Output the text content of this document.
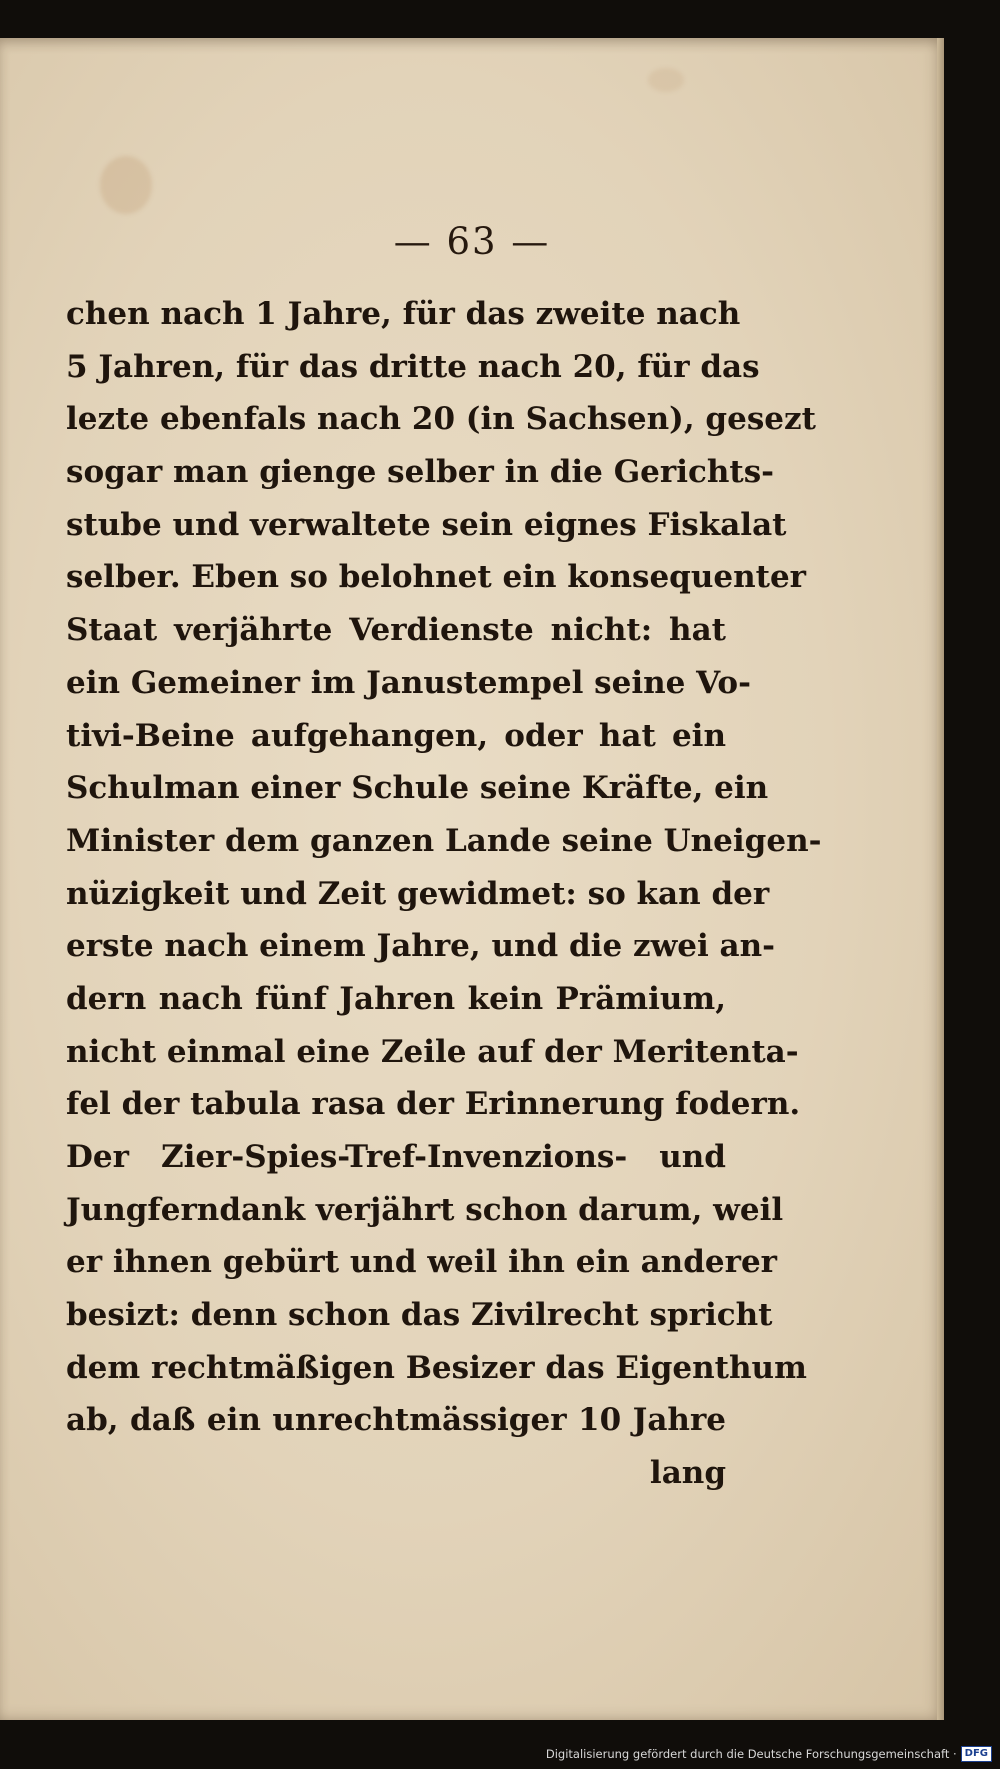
— 63 —
chen nach 1 Jahre, für das zweite nach
5 Jahren, für das dritte nach 20, für das
lezte ebenfals nach 20 (in Sachsen), gesezt
sogar man gienge selber in die Gerichts-
stube und verwaltete sein eignes Fiskalat
selber. Eben so belohnet ein konsequenter
Staat verjährte Verdienste nicht: hat
ein Gemeiner im Janustempel seine Vo-
tivi-Beine aufgehangen, oder hat ein
Schulman einer Schule seine Kräfte, ein
Minister dem ganzen Lande seine Uneigen-
nüzigkeit und Zeit gewidmet: so kan der
erste nach einem Jahre, und die zwei an-
dern nach fünf Jahren kein Prämium,
nicht einmal eine Zeile auf der Meritenta-
fel der tabula rasa der Erinnerung fodern.
Der Zier-Spies-Tref-Invenzions- und
Jungferndank verjährt schon darum, weil
er ihnen gebürt und weil ihn ein anderer
besizt: denn schon das Zivilrecht spricht
dem rechtmäßigen Besizer das Eigenthum
ab, daß ein unrechtmässiger 10 Jahre
lang
Digitalisierung gefördert durch die Deutsche Forschungsgemeinschaft · DFG
